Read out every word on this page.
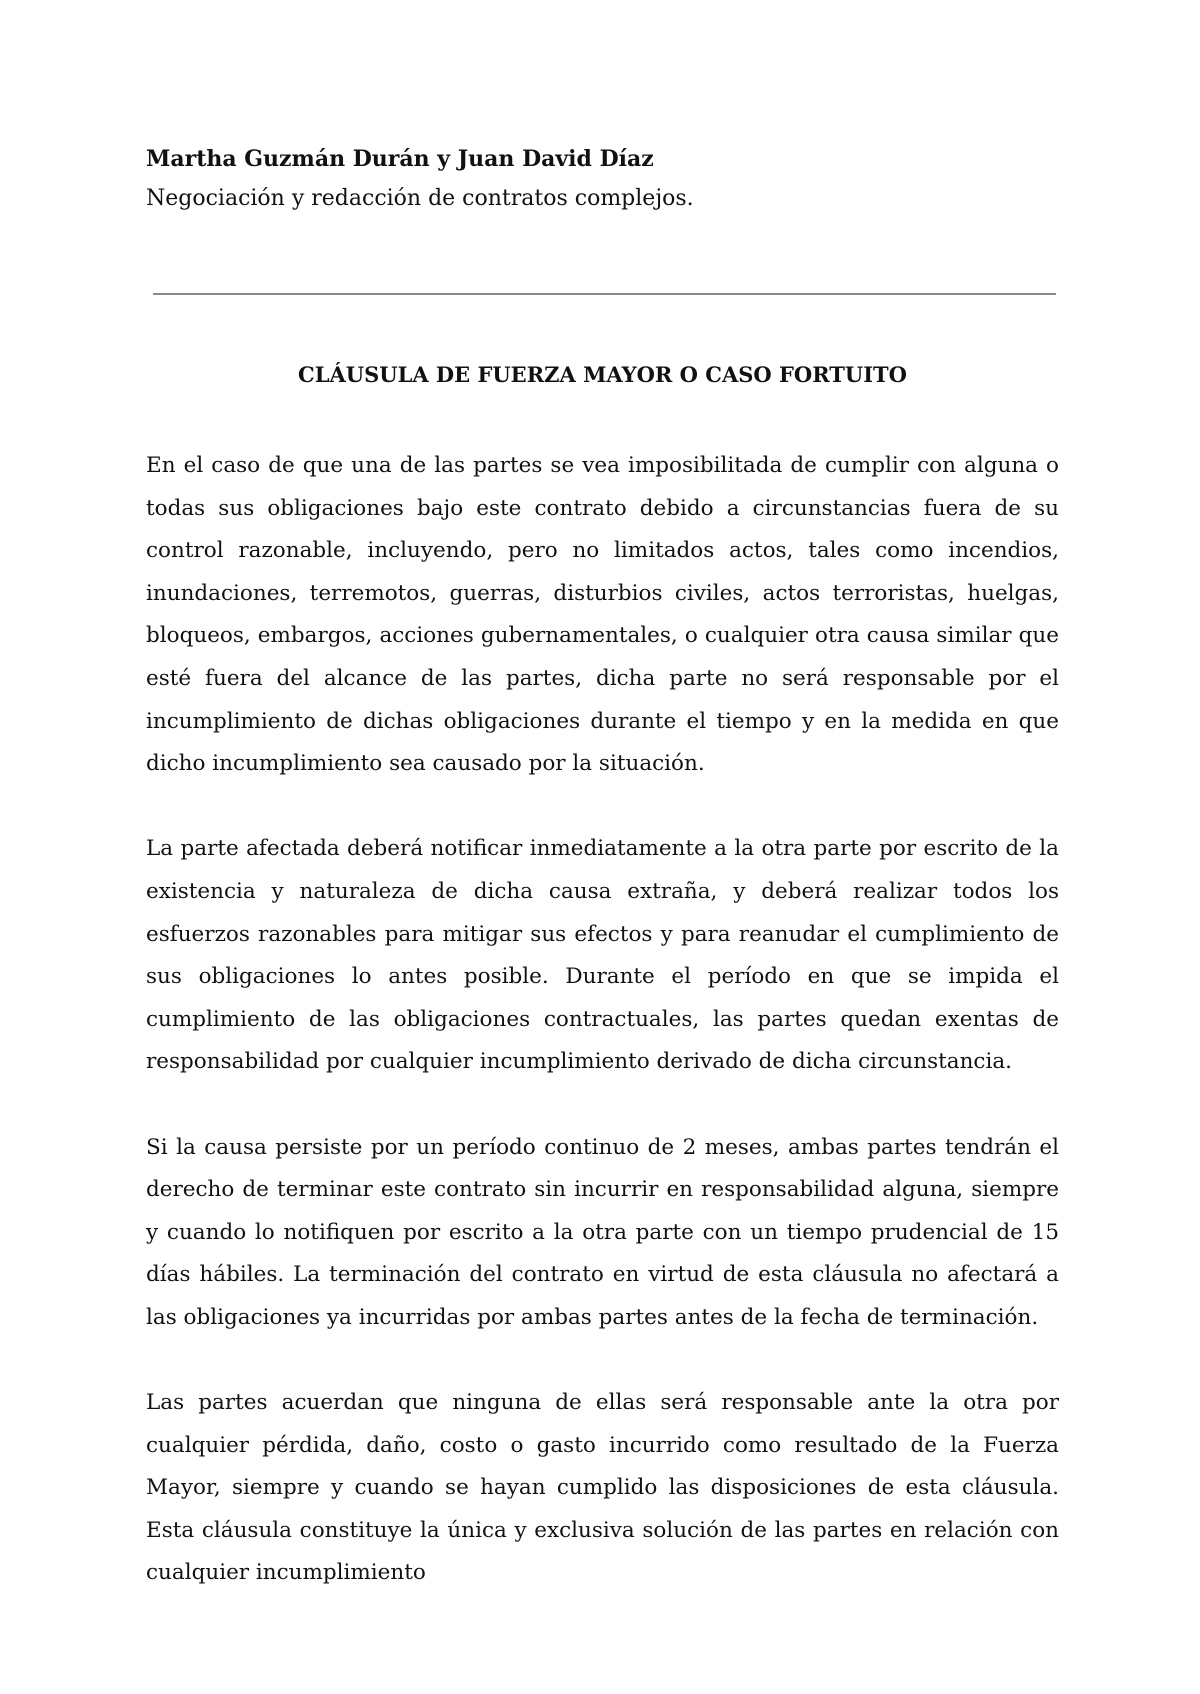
Martha Guzmán Durán y Juan David Díaz

Negociación y redacción de contratos complejos.

CLÁUSULA DE FUERZA MAYOR O CASO FORTUITO

En el caso de que una de las partes se vea imposibilitada de cumplir con alguna o todas sus obligaciones bajo este contrato debido a circunstancias fuera de su control razonable, incluyendo, pero no limitados actos, tales como incendios, inundaciones, terremotos, guerras, disturbios civiles, actos terroristas, huelgas, bloqueos, embargos, acciones gubernamentales, o cualquier otra causa similar que esté fuera del alcance de las partes, dicha parte no será responsable por el incumplimiento de dichas obligaciones durante el tiempo y en la medida en que dicho incumplimiento sea causado por la situación.

La parte afectada deberá notificar inmediatamente a la otra parte por escrito de la existencia y naturaleza de dicha causa extraña, y deberá realizar todos los esfuerzos razonables para mitigar sus efectos y para reanudar el cumplimiento de sus obligaciones lo antes posible. Durante el período en que se impida el cumplimiento de las obligaciones contractuales, las partes quedan exentas de responsabilidad por cualquier incumplimiento derivado de dicha circunstancia.

Si la causa persiste por un período continuo de 2 meses, ambas partes tendrán el derecho de terminar este contrato sin incurrir en responsabilidad alguna, siempre y cuando lo notifiquen por escrito a la otra parte con un tiempo prudencial de 15 días hábiles. La terminación del contrato en virtud de esta cláusula no afectará a las obligaciones ya incurridas por ambas partes antes de la fecha de terminación.

Las partes acuerdan que ninguna de ellas será responsable ante la otra por cualquier pérdida, daño, costo o gasto incurrido como resultado de la Fuerza Mayor, siempre y cuando se hayan cumplido las disposiciones de esta cláusula. Esta cláusula constituye la única y exclusiva solución de las partes en relación con cualquier incumplimiento
